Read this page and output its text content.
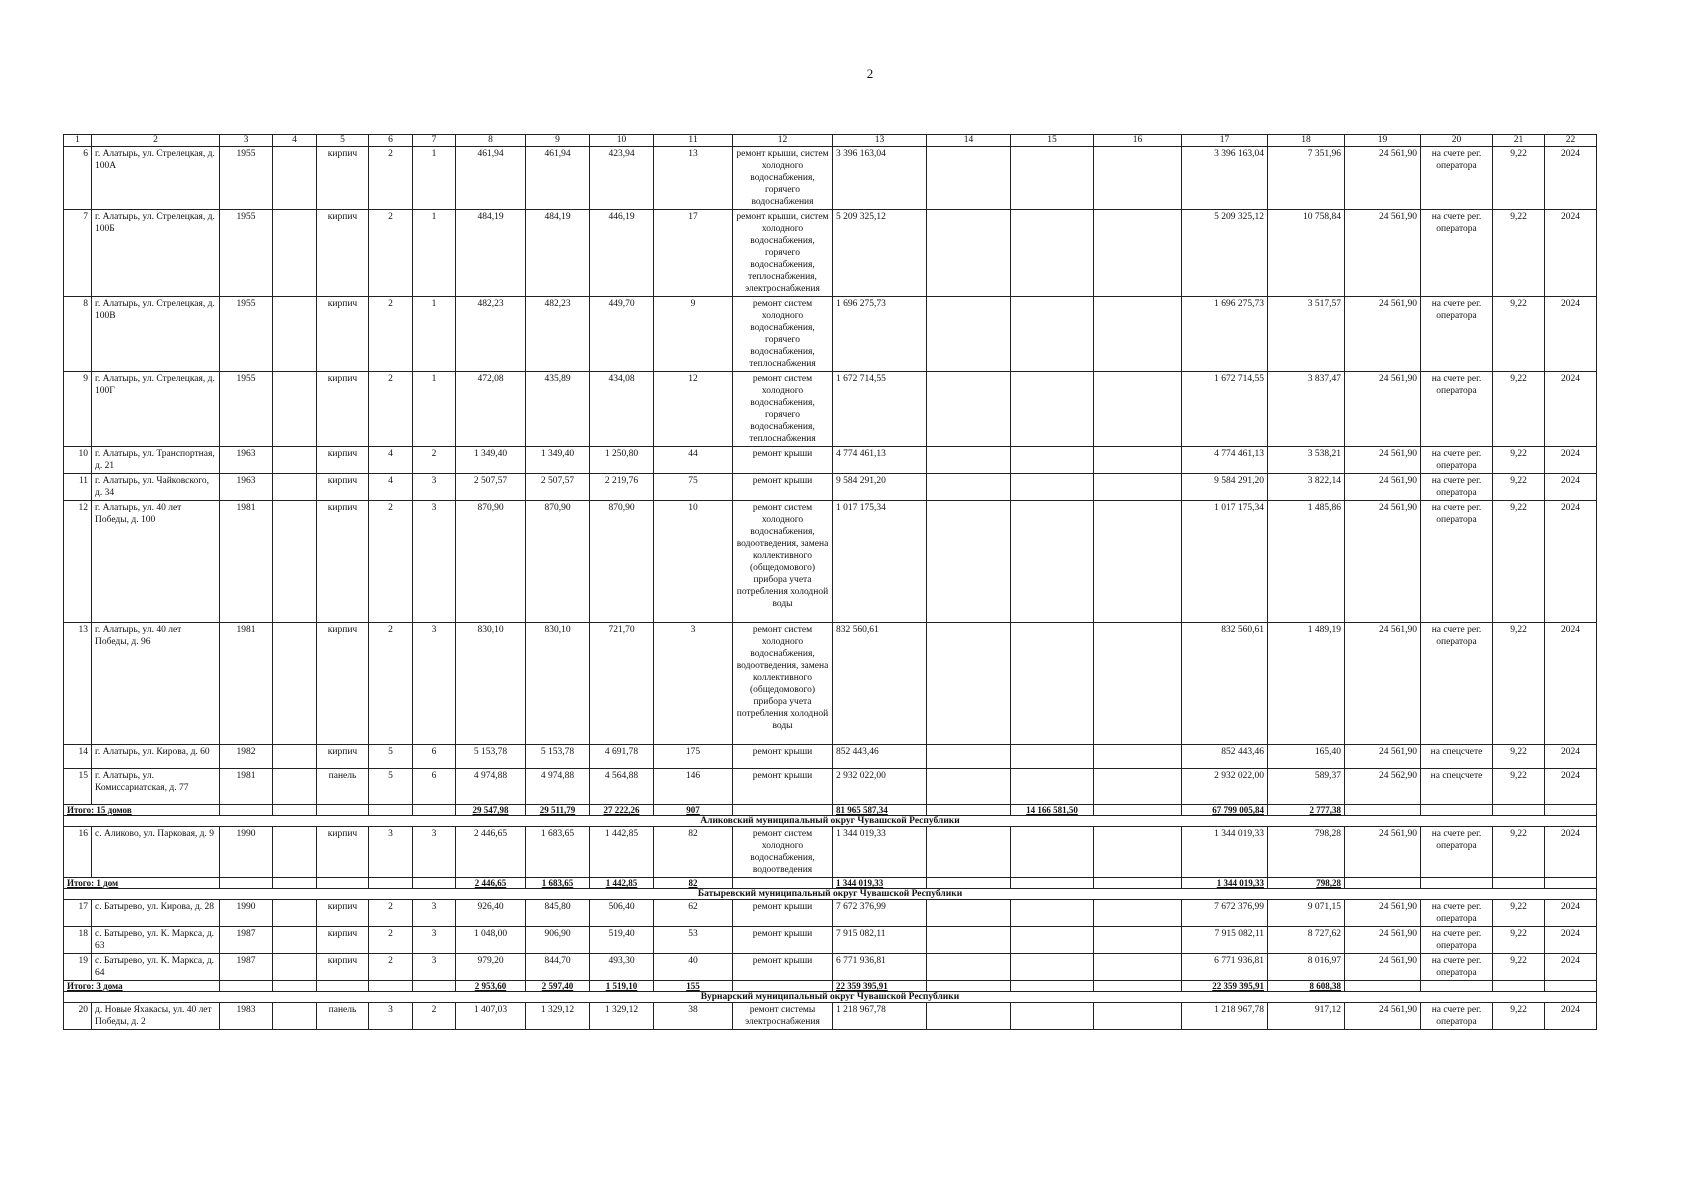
2
1	2	3	4	5	6	7	8	9	10	11	12	13	14	15	16	17	18	19	20	21	22
6	г. Алатырь, ул. Стрелецкая, д. 100А	1955		кирпич	2	1	461,94	461,94	423,94	13	ремонт крыши, систем холодного водоснабжения, горячего водоснабжения	3 396 163,04				3 396 163,04	7 351,96	24 561,90	на счете рег. оператора	9,22	2024
7	г. Алатырь, ул. Стрелецкая, д. 100Б	1955		кирпич	2	1	484,19	484,19	446,19	17	ремонт крыши, систем холодного водоснабжения, горячего водоснабжения, теплоснабжения, электроснабжения	5 209 325,12				5 209 325,12	10 758,84	24 561,90	на счете рег. оператора	9,22	2024
8	г. Алатырь, ул. Стрелецкая, д. 100В	1955		кирпич	2	1	482,23	482,23	449,70	9	ремонт систем холодного водоснабжения, горячего водоснабжения, теплоснабжения	1 696 275,73				1 696 275,73	3 517,57	24 561,90	на счете рег. оператора	9,22	2024
9	г. Алатырь, ул. Стрелецкая, д. 100Г	1955		кирпич	2	1	472,08	435,89	434,08	12	ремонт систем холодного водоснабжения, горячего водоснабжения, теплоснабжения	1 672 714,55				1 672 714,55	3 837,47	24 561,90	на счете рег. оператора	9,22	2024
10	г. Алатырь, ул. Транспортная, д. 21	1963		кирпич	4	2	1 349,40	1 349,40	1 250,80	44	ремонт крыши	4 774 461,13				4 774 461,13	3 538,21	24 561,90	на счете рег. оператора	9,22	2024
11	г. Алатырь, ул. Чайковского, д. 34	1963		кирпич	4	3	2 507,57	2 507,57	2 219,76	75	ремонт крыши	9 584 291,20				9 584 291,20	3 822,14	24 561,90	на счете рег. оператора	9,22	2024
12	г. Алатырь, ул. 40 лет Победы, д. 100	1981		кирпич	2	3	870,90	870,90	870,90	10	ремонт систем холодного водоснабжения, водоотведения, замена коллективного (общедомового) прибора учета потребления холодной воды	1 017 175,34				1 017 175,34	1 485,86	24 561,90	на счете рег. оператора	9,22	2024
13	г. Алатырь, ул. 40 лет Победы, д. 96	1981		кирпич	2	3	830,10	830,10	721,70	3	ремонт систем холодного водоснабжения, водоотведения, замена коллективного (общедомового) прибора учета потребления холодной воды	832 560,61				832 560,61	1 489,19	24 561,90	на счете рег. оператора	9,22	2024
14	г. Алатырь, ул. Кирова, д. 60	1982		кирпич	5	6	5 153,78	5 153,78	4 691,78	175	ремонт крыши	852 443,46				852 443,46	165,40	24 561,90	на спецсчете	9,22	2024
15	г. Алатырь, ул. Комиссариатская, д. 77	1981		панель	5	6	4 974,88	4 974,88	4 564,88	146	ремонт крыши	2 932 022,00				2 932 022,00	589,37	24 562,90	на спецсчете	9,22	2024
Итого: 15 домов							29 547,98	29 511,79	27 222,26	907		81 965 587,34		14 166 581,50		67 799 005,84	2 777,38				
Аликовский муниципальный округ Чувашской Республики																					
16	с. Аликово, ул. Парковая, д. 9	1990		кирпич	3	3	2 446,65	1 683,65	1 442,85	82	ремонт систем холодного водоснабжения, водоотведения	1 344 019,33				1 344 019,33	798,28	24 561,90	на счете рег. оператора	9,22	2024
Итого: 1 дом							2 446,65	1 683,65	1 442,85	82		1 344 019,33				1 344 019,33	798,28				
Батыревский муниципальный округ Чувашской Республики																					
17	с. Батырево, ул. Кирова, д. 28	1990		кирпич	2	3	926,40	845,80	506,40	62	ремонт крыши	7 672 376,99				7 672 376,99	9 071,15	24 561,90	на счете рег. оператора	9,22	2024
18	с. Батырево, ул. К. Маркса, д. 63	1987		кирпич	2	3	1 048,00	906,90	519,40	53	ремонт крыши	7 915 082,11				7 915 082,11	8 727,62	24 561,90	на счете рег. оператора	9,22	2024
19	с. Батырево, ул. К. Маркса, д. 64	1987		кирпич	2	3	979,20	844,70	493,30	40	ремонт крыши	6 771 936,81				6 771 936,81	8 016,97	24 561,90	на счете рег. оператора	9,22	2024
Итого: 3 дома							2 953,60	2 597,40	1 519,10	155		22 359 395,91				22 359 395,91	8 608,38				
Вурнарский муниципальный округ Чувашской Республики																					
20	д. Новые Яхакасы, ул. 40 лет Победы, д. 2	1983		панель	3	2	1 407,03	1 329,12	1 329,12	38	ремонт системы электроснабжения	1 218 967,78				1 218 967,78	917,12	24 561,90	на счете рег. оператора	9,22	2024
